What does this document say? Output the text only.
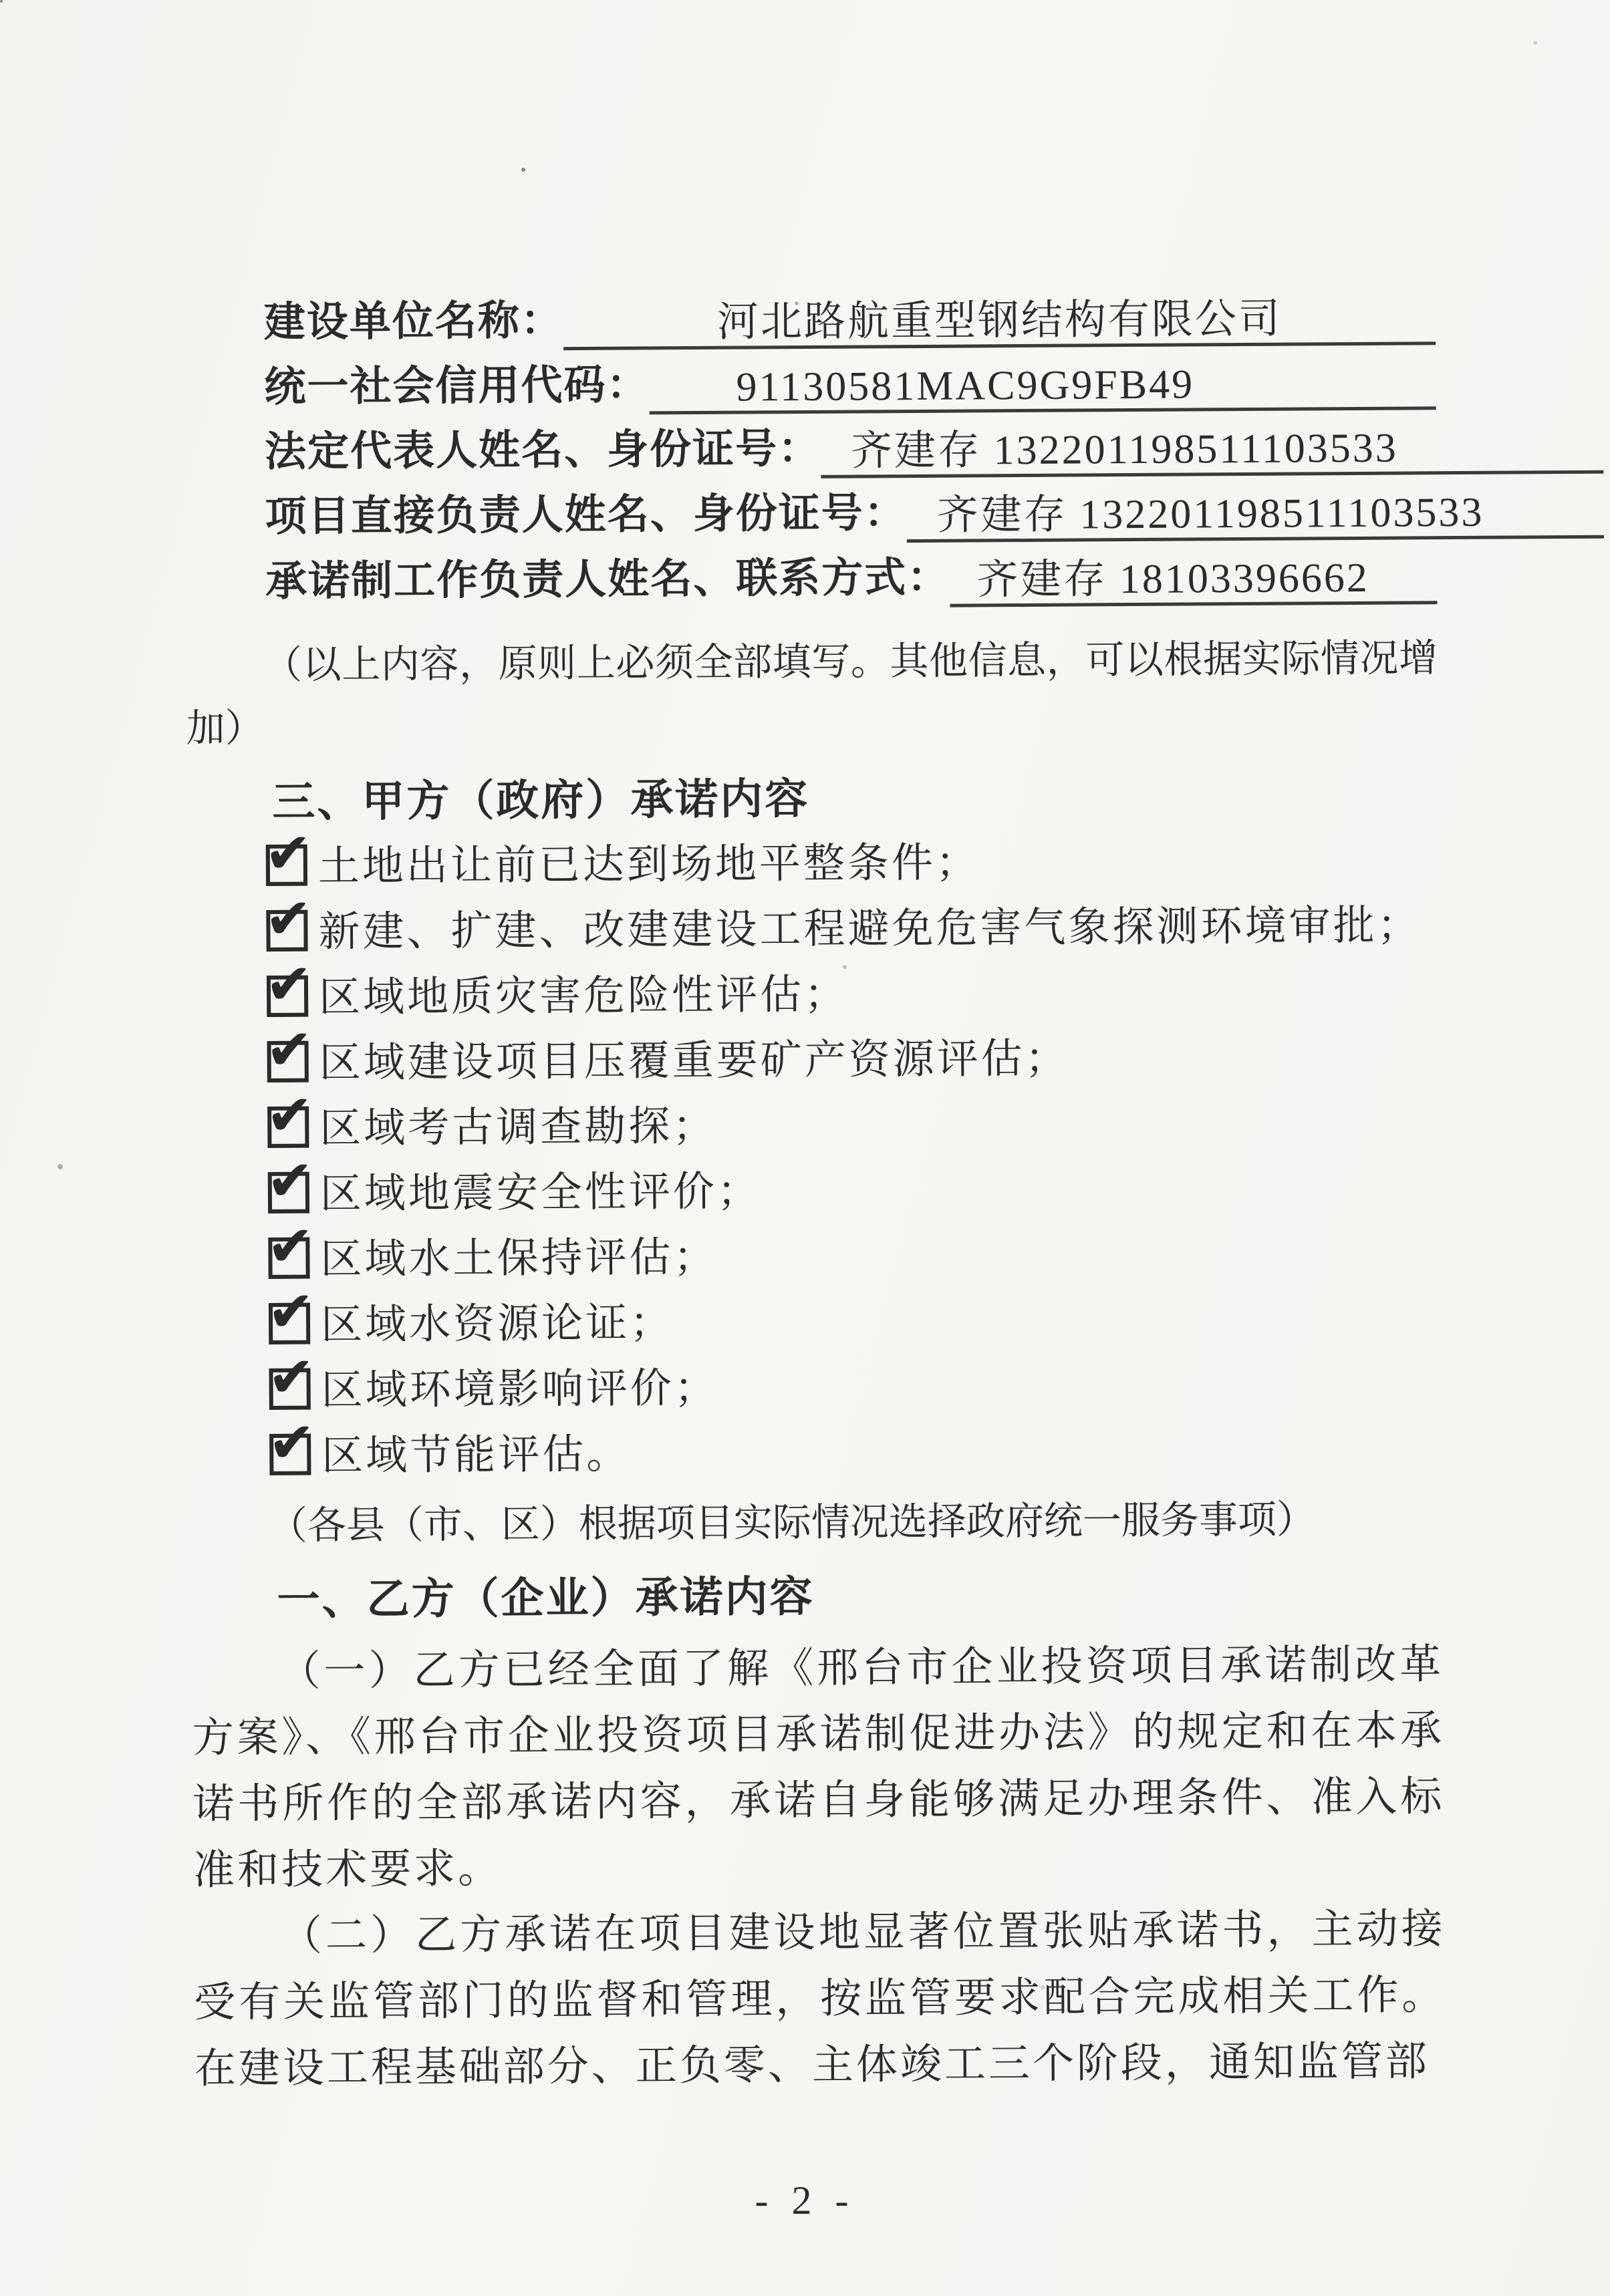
建设单位名称：	河北路航重型钢结构有限公司
统一社会信用代码：	91130581MAC9G9FB49
法定代表人姓名、身份证号： 齐建存 132201198511103533
项目直接负责人姓名、身份证号： 齐建存 132201198511103533
承诺制工作负责人姓名、联系方式： 齐建存 18103396662

（以上内容，原则上必须全部填写。其他信息，可以根据实际情况增加）

三、甲方（政府）承诺内容
✔土地出让前已达到场地平整条件；
✔新建、扩建、改建建设工程避免危害气象探测环境审批；
✔区域地质灾害危险性评估；
✔区域建设项目压覆重要矿产资源评估；
✔区域考古调查勘探；
✔区域地震安全性评价；
✔区域水土保持评估；
✔区域水资源论证；
✔区域环境影响评价；
✔区域节能评估。

（各县（市、区）根据项目实际情况选择政府统一服务事项）

一、乙方（企业）承诺内容

（一）乙方已经全面了解《邢台市企业投资项目承诺制改革方案》、《邢台市企业投资项目承诺制促进办法》的规定和在本承诺书所作的全部承诺内容，承诺自身能够满足办理条件、准入标准和技术要求。

（二）乙方承诺在项目建设地显著位置张贴承诺书，主动接受有关监管部门的监督和管理，按监管要求配合完成相关工作。在建设工程基础部分、正负零、主体竣工三个阶段，通知监管部

- 2 -
